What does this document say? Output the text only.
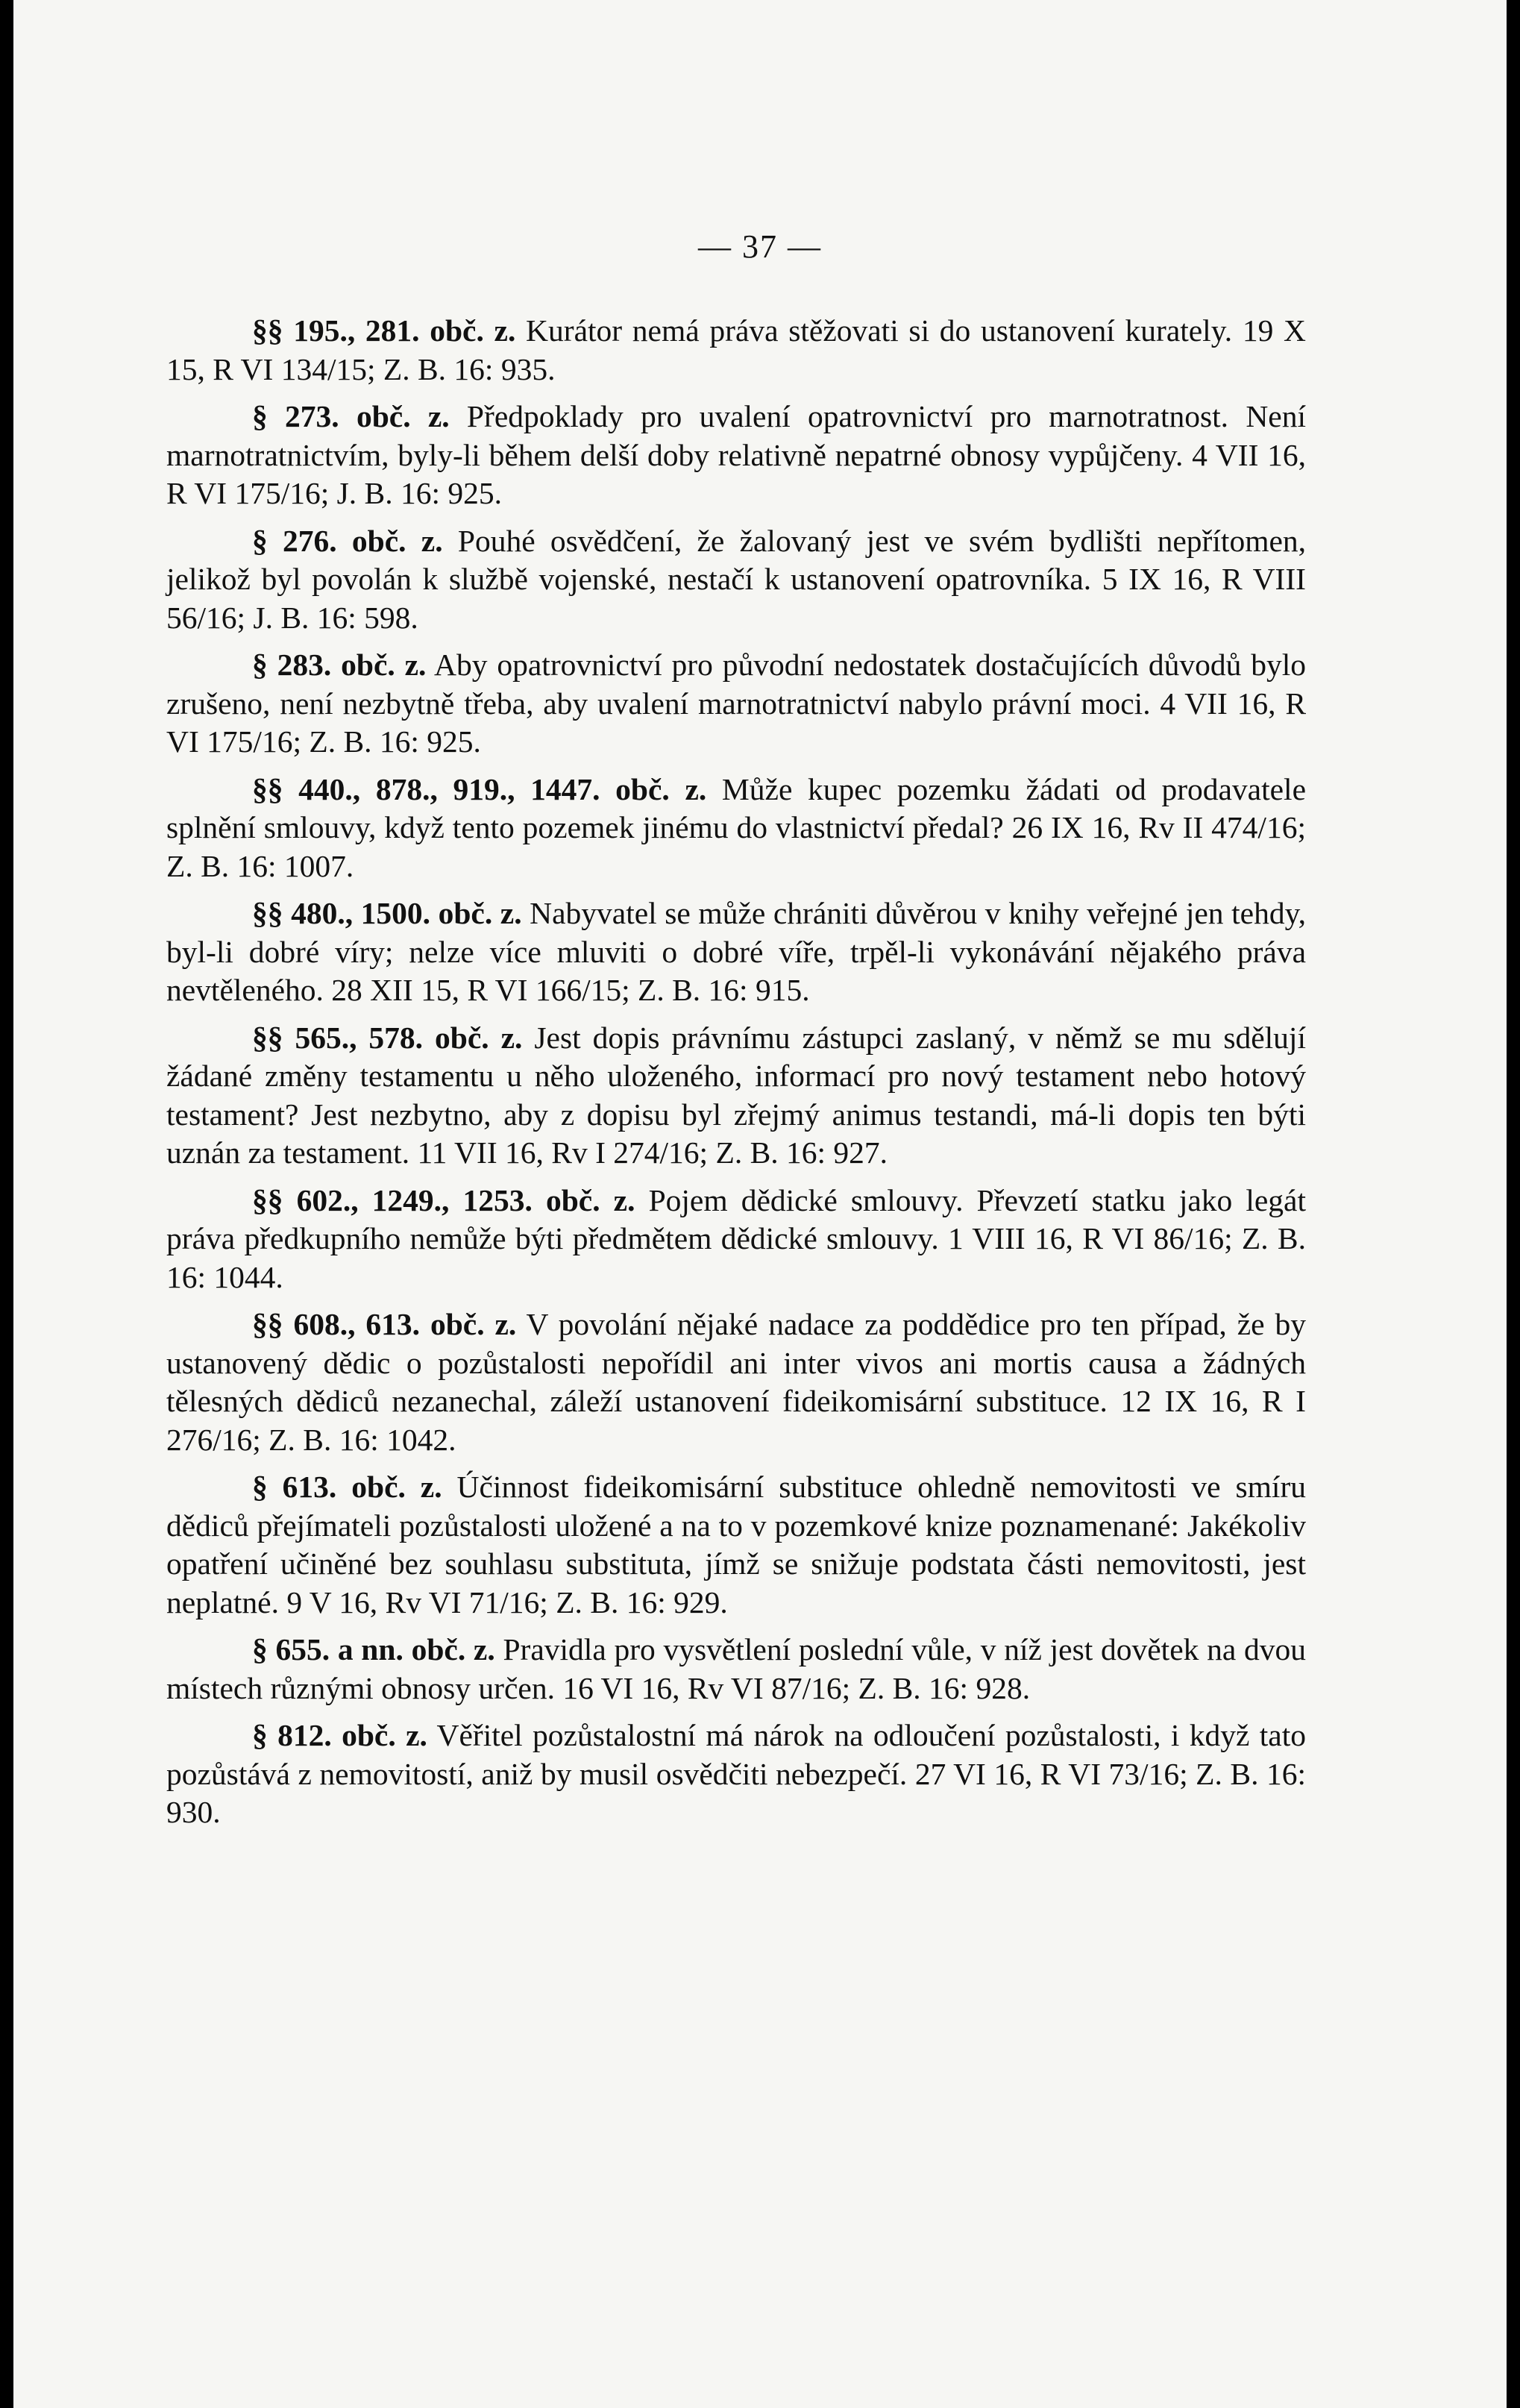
— 37 —

§§ 195., 281. obč. z. Kurátor nemá práva stěžovati si do ustanovení kurately. 19 X 15, R VI 134/15; Z. B. 16: 935.

§ 273. obč. z. Předpoklady pro uvalení opatrovnictví pro marnotratnost. Není marnotratnictvím, byly-li během delší doby relativně nepatrné obnosy vypůjčeny. 4 VII 16, R VI 175/16; J. B. 16: 925.

§ 276. obč. z. Pouhé osvědčení, že žalovaný jest ve svém bydlišti nepřítomen, jelikož byl povolán k službě vojenské, nestačí k ustanovení opatrovníka. 5 IX 16, R VIII 56/16; J. B. 16: 598.

§ 283. obč. z. Aby opatrovnictví pro původní nedostatek dostačujících důvodů bylo zrušeno, není nezbytně třeba, aby uvalení marnotratnictví nabylo právní moci. 4 VII 16, R VI 175/16; Z. B. 16: 925.

§§ 440., 878., 919., 1447. obč. z. Může kupec pozemku žádati od prodavatele splnění smlouvy, když tento pozemek jinému do vlastnictví předal? 26 IX 16, Rv II 474/16; Z. B. 16: 1007.

§§ 480., 1500. obč. z. Nabyvatel se může chrániti důvěrou v knihy veřejné jen tehdy, byl-li dobré víry; nelze více mluviti o dobré víře, trpěl-li vykonávání nějakého práva nevtěleného. 28 XII 15, R VI 166/15; Z. B. 16: 915.

§§ 565., 578. obč. z. Jest dopis právnímu zástupci zaslaný, v němž se mu sdělují žádané změny testamentu u něho uloženého, informací pro nový testament nebo hotový testament? Jest nezbytno, aby z dopisu byl zřejmý animus testandi, má-li dopis ten býti uznán za testament. 11 VII 16, Rv I 274/16; Z. B. 16: 927.

§§ 602., 1249., 1253. obč. z. Pojem dědické smlouvy. Převzetí statku jako legát práva předkupního nemůže býti předmětem dědické smlouvy. 1 VIII 16, R VI 86/16; Z. B. 16: 1044.

§§ 608., 613. obč. z. V povolání nějaké nadace za poddědice pro ten případ, že by ustanovený dědic o pozůstalosti nepořídil ani inter vivos ani mortis causa a žádných tělesných dědiců nezanechal, záleží ustanovení fideikomisární substituce. 12 IX 16, R I 276/16; Z. B. 16: 1042.

§ 613. obč. z. Účinnost fideikomisární substituce ohledně nemovitosti ve smíru dědiců přejímateli pozůstalosti uložené a na to v pozemkové knize poznamenané: Jakékoliv opatření učiněné bez souhlasu substituta, jímž se snižuje podstata části nemovitosti, jest neplatné. 9 V 16, Rv VI 71/16; Z. B. 16: 929.

§ 655. a nn. obč. z. Pravidla pro vysvětlení poslední vůle, v níž jest dovětek na dvou místech různými obnosy určen. 16 VI 16, Rv VI 87/16; Z. B. 16: 928.

§ 812. obč. z. Věřitel pozůstalostní má nárok na odloučení pozůstalosti, i když tato pozůstává z nemovitostí, aniž by musil osvědčiti nebezpečí. 27 VI 16, R VI 73/16; Z. B. 16: 930.
